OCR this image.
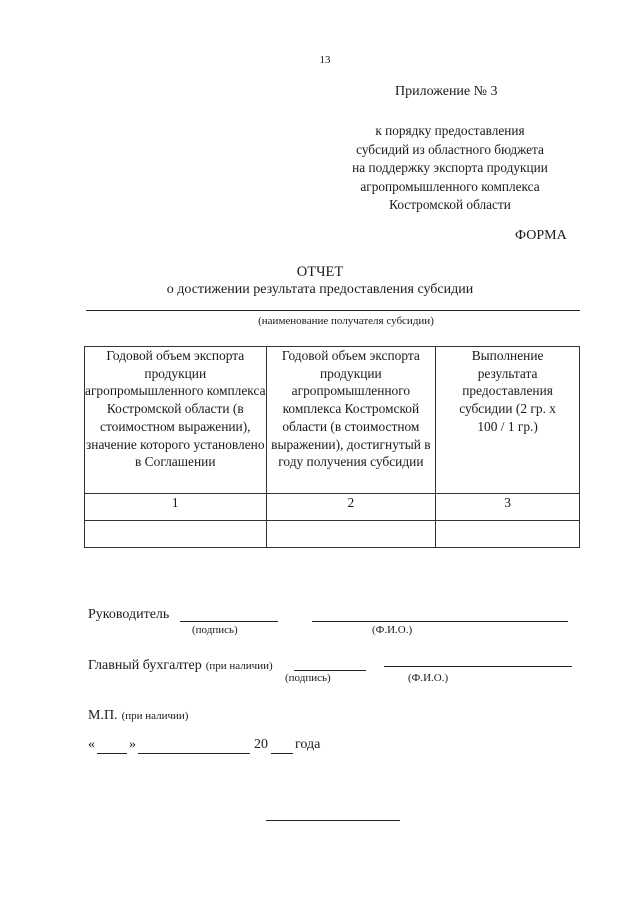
13
Приложение № 3
к порядку предоставления
субсидий из областного бюджета
на поддержку экспорта продукции
агропромышленного комплекса
Костромской области
ФОРМА
ОТЧЕТ
о достижении результата предоставления субсидии
(наименование получателя субсидии)
Годовой объем экспорта продукции агропромышленного комплекса Костромской области (в стоимостном выражении), значение которого установлено в Соглашении	Годовой объем экспорта продукции агропромышленного комплекса Костромской области (в стоимостном выражении), достигнутый в году получения субсидии	Выполнение результата предоставления субсидии (2 гр. х 100 / 1 гр.)
1	2	3

Руководитель
(подпись)	(Ф.И.О.)
Главный бухгалтер (при наличии)
(подпись)	(Ф.И.О.)
М.П. (при наличии)
« »	20 года
